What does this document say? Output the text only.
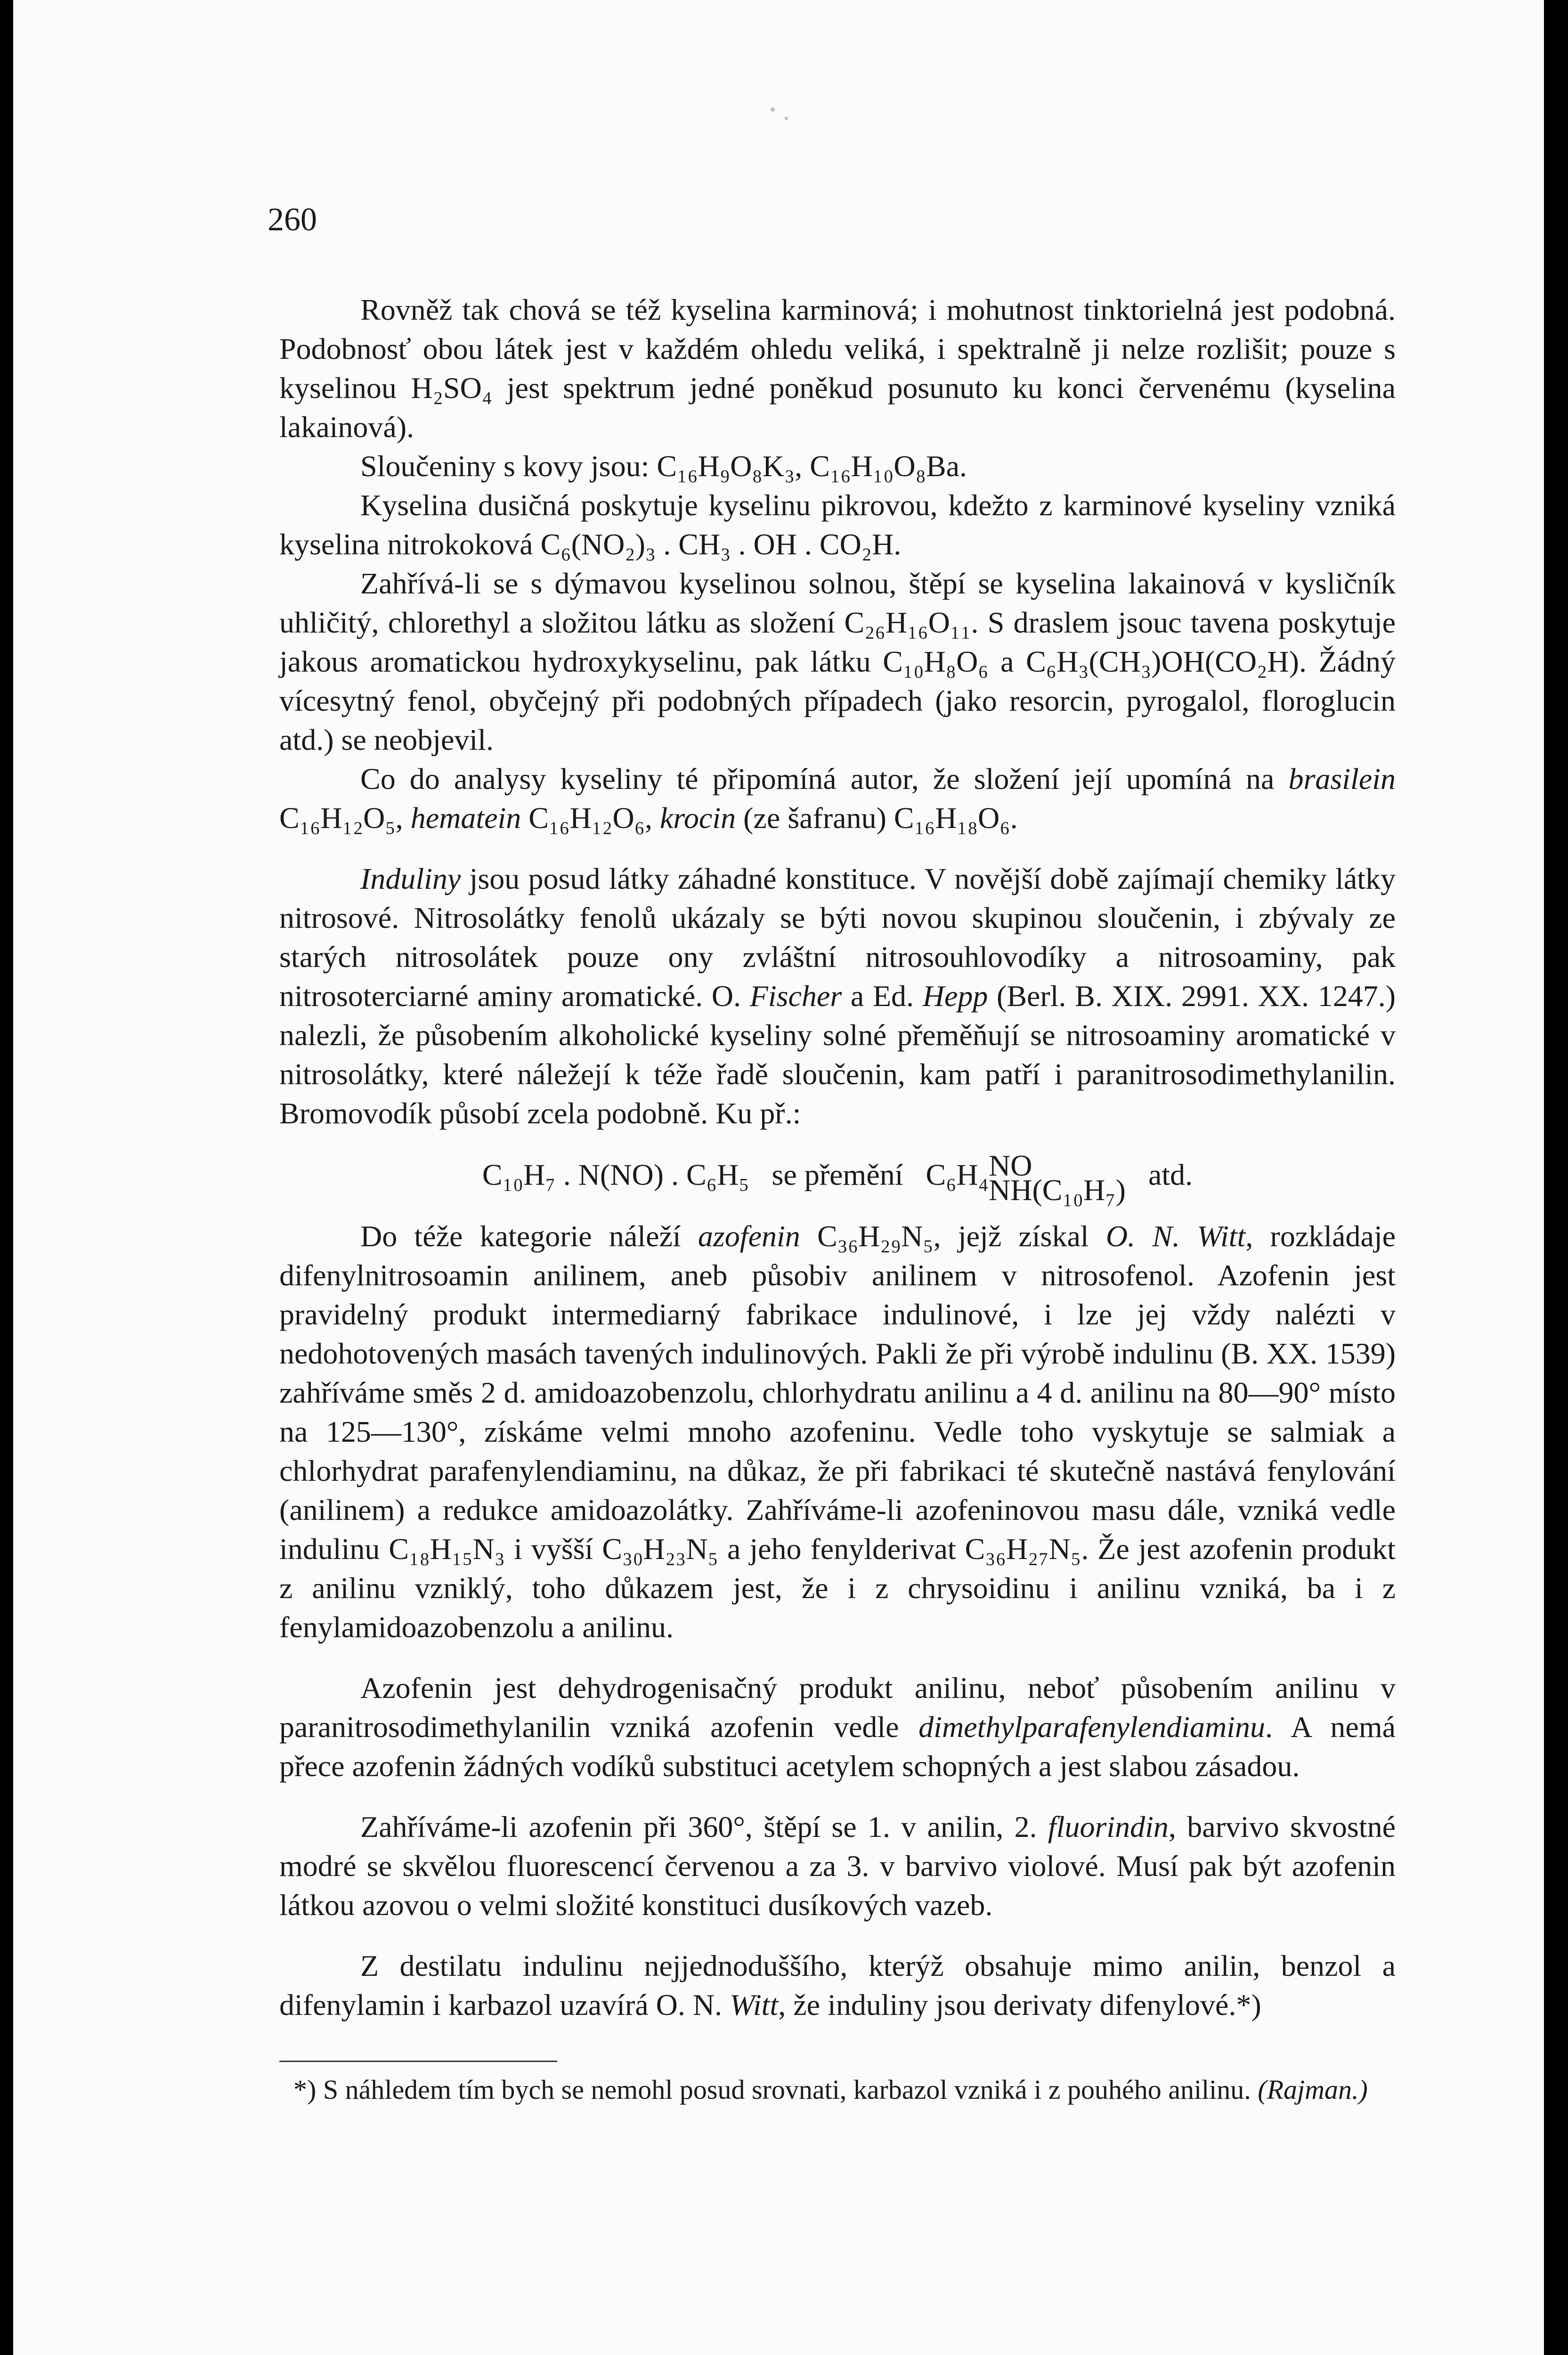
260

Rovněž tak chová se též kyselina karminová; i mohutnost tinktorielná jest podobná. Podobnosť obou látek jest v každém ohledu veliká, i spektralně ji nelze rozlišit; pouze s kyselinou H₂SO₄ jest spektrum jedné poněkud posunuto ku konci červenému (kyselina lakainová).

Sloučeniny s kovy jsou: C₁₆H₉O₈K₃, C₁₆H₁₀O₈Ba.

Kyselina dusičná poskytuje kyselinu pikrovou, kdežto z karminové kyseliny vzniká kyselina nitrokoková C₆(NO₂)₃ . CH₃ . OH . CO₂H.

Zahřívá-li se s dýmavou kyselinou solnou, štěpí se kyselina lakainová v kysličník uhličitý, chlorethyl a složitou látku as složení C₂₆H₁₆O₁₁. S draslem jsouc tavena poskytuje jakous aromatickou hydroxykyselinu, pak látku C₁₀H₈O₆ a C₆H₃(CH₃)OH(CO₂H). Žádný vícesytný fenol, obyčejný při podobných případech (jako resorcin, pyrogalol, floroglucin atd.) se neobjevil.

Co do analysy kyseliny té připomíná autor, že složení její upomíná na brasilein C₁₆H₁₂O₅, hematein C₁₆H₁₂O₆, krocin (ze šafranu) C₁₆H₁₈O₆.

Induliny jsou posud látky záhadné konstituce. V novější době zajímají chemiky látky nitrosové. Nitrosolátky fenolů ukázaly se býti novou skupinou sloučenin, i zbývaly ze starých nitrosolátek pouze ony zvláštní nitrosouhlovodíky a nitrosoaminy, pak nitrosoterciarné aminy aromatické. O. Fischer a Ed. Hepp (Berl. B. XIX. 2991. XX. 1247.) nalezli, že působením alkoholické kyseliny solné přeměňují se nitrosoaminy aromatické v nitrosolátky, které náležejí k téže řadě sloučenin, kam patří i paranitrosodimethylanilin. Bromovodík působí zcela podobně. Ku př.:

C₁₀H₇ . N(NO) . C₆H₅ se přemění C₆H₄ NO
NH(C₁₀H₇) atd.

Do téže kategorie náleží azofenin C₃₆H₂₉N₅, jejž získal O. N. Witt, rozkládaje difenylnitrosoamin anilinem, aneb působiv anilinem v nitrosofenol. Azofenin jest pravidelný produkt intermediarný fabrikace indulinové, i lze jej vždy nalézti v nedohotovených masách tavených indulinových. Pakli že při výrobě indulinu (B. XX. 1539) zahříváme směs 2 d. amidoazobenzolu, chlorhydratu anilinu a 4 d. anilinu na 80—90° místo na 125—130°, získáme velmi mnoho azofeninu. Vedle toho vyskytuje se salmiak a chlorhydrat parafenylendiaminu, na důkaz, že při fabrikaci té skutečně nastává fenylování (anilinem) a redukce amidoazolátky. Zahříváme-li azofeninovou masu dále, vzniká vedle indulinu C₁₈H₁₅N₃ i vyšší C₃₀H₂₃N₅ a jeho fenylderivat C₃₆H₂₇N₅. Že jest azofenin produkt z anilinu vzniklý, toho důkazem jest, že i z chrysoidinu i anilinu vzniká, ba i z fenylamidoazobenzolu a anilinu.

Azofenin jest dehydrogenisačný produkt anilinu, neboť působením anilinu v paranitrosodimethylanilin vzniká azofenin vedle dimethylparafenylendiaminu. A nemá přece azofenin žádných vodíků substituci acetylem schopných a jest slabou zásadou.

Zahříváme-li azofenin při 360°, štěpí se 1. v anilin, 2. fluorindin, barvivo skvostné modré se skvělou fluorescencí červenou a za 3. v barvivo violové. Musí pak být azofenin látkou azovou o velmi složité konstituci dusíkových vazeb.

Z destilatu indulinu nejjednoduššího, kterýž obsahuje mimo anilin, benzol a difenylamin i karbazol uzavírá O. N. Witt, že induliny jsou derivaty difenylové.*)

*) S náhledem tím bych se nemohl posud srovnati, karbazol vzniká i z pouhého anilinu. (Rajman.)
